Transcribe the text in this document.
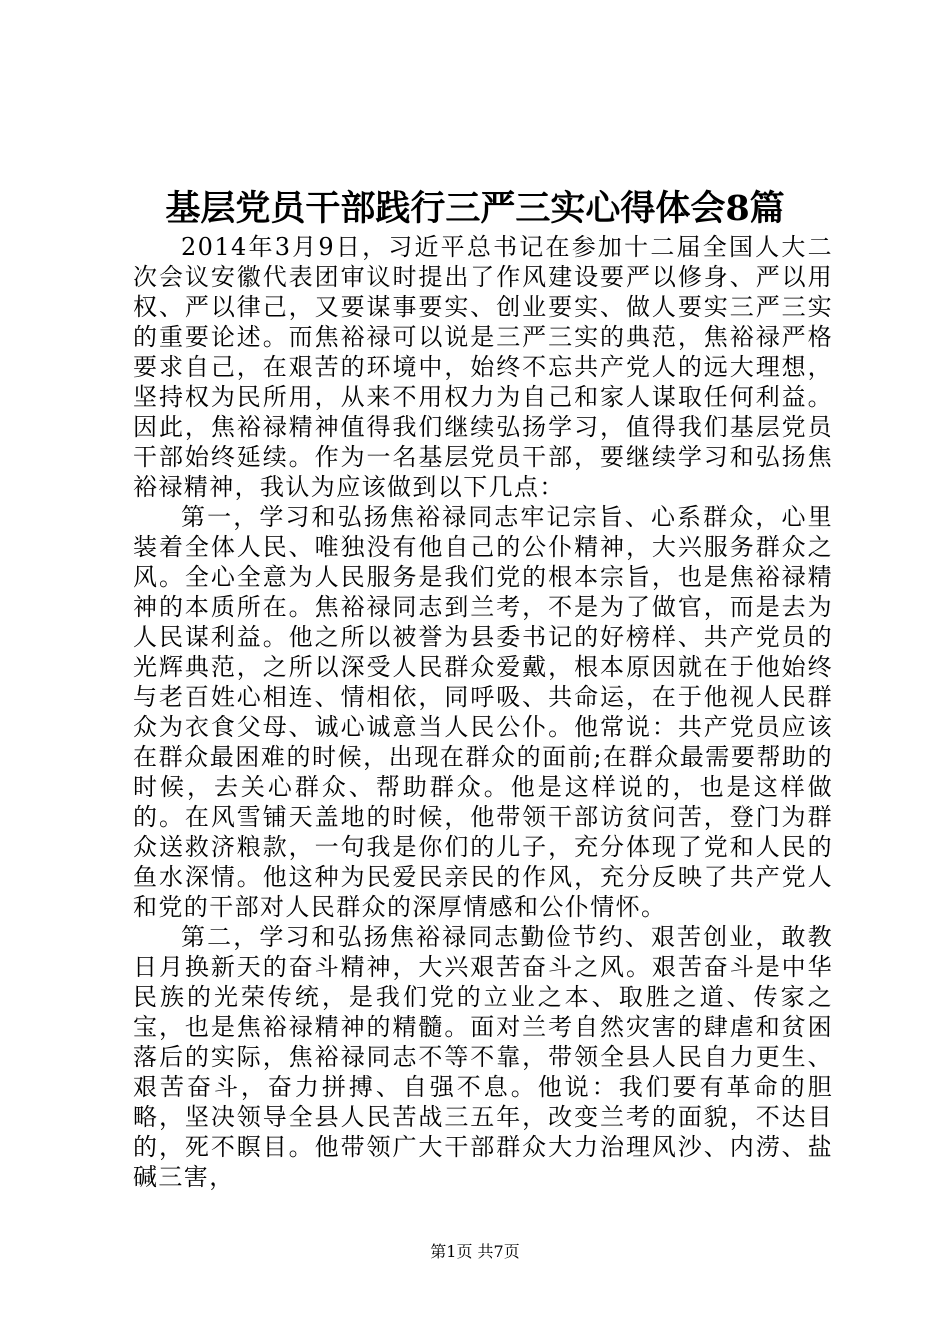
基层党员干部践行三严三实心得体会8篇

2014年3月9日，习近平总书记在参加十二届全国人大二次会议安徽代表团审议时提出了作风建设要严以修身、严以用权、严以律己，又要谋事要实、创业要实、做人要实三严三实的重要论述。而焦裕禄可以说是三严三实的典范，焦裕禄严格要求自己，在艰苦的环境中，始终不忘共产党人的远大理想，坚持权为民所用，从来不用权力为自己和家人谋取任何利益。因此，焦裕禄精神值得我们继续弘扬学习，值得我们基层党员干部始终延续。作为一名基层党员干部，要继续学习和弘扬焦裕禄精神，我认为应该做到以下几点：

第一，学习和弘扬焦裕禄同志牢记宗旨、心系群众，心里装着全体人民、唯独没有他自己的公仆精神，大兴服务群众之风。全心全意为人民服务是我们党的根本宗旨，也是焦裕禄精神的本质所在。焦裕禄同志到兰考，不是为了做官，而是去为人民谋利益。他之所以被誉为县委书记的好榜样、共产党员的光辉典范，之所以深受人民群众爱戴，根本原因就在于他始终与老百姓心相连、情相依，同呼吸、共命运，在于他视人民群众为衣食父母、诚心诚意当人民公仆。他常说：共产党员应该在群众最困难的时候，出现在群众的面前;在群众最需要帮助的时候，去关心群众、帮助群众。他是这样说的，也是这样做的。在风雪铺天盖地的时候，他带领干部访贫问苦，登门为群众送救济粮款，一句我是你们的儿子，充分体现了党和人民的鱼水深情。他这种为民爱民亲民的作风，充分反映了共产党人和党的干部对人民群众的深厚情感和公仆情怀。

第二，学习和弘扬焦裕禄同志勤俭节约、艰苦创业，敢教日月换新天的奋斗精神，大兴艰苦奋斗之风。艰苦奋斗是中华民族的光荣传统，是我们党的立业之本、取胜之道、传家之宝，也是焦裕禄精神的精髓。面对兰考自然灾害的肆虐和贫困落后的实际，焦裕禄同志不等不靠，带领全县人民自力更生、艰苦奋斗，奋力拼搏、自强不息。他说：我们要有革命的胆略，坚决领导全县人民苦战三五年，改变兰考的面貌，不达目的，死不瞑目。他带领广大干部群众大力治理风沙、内涝、盐碱三害，

第1页 共7页
